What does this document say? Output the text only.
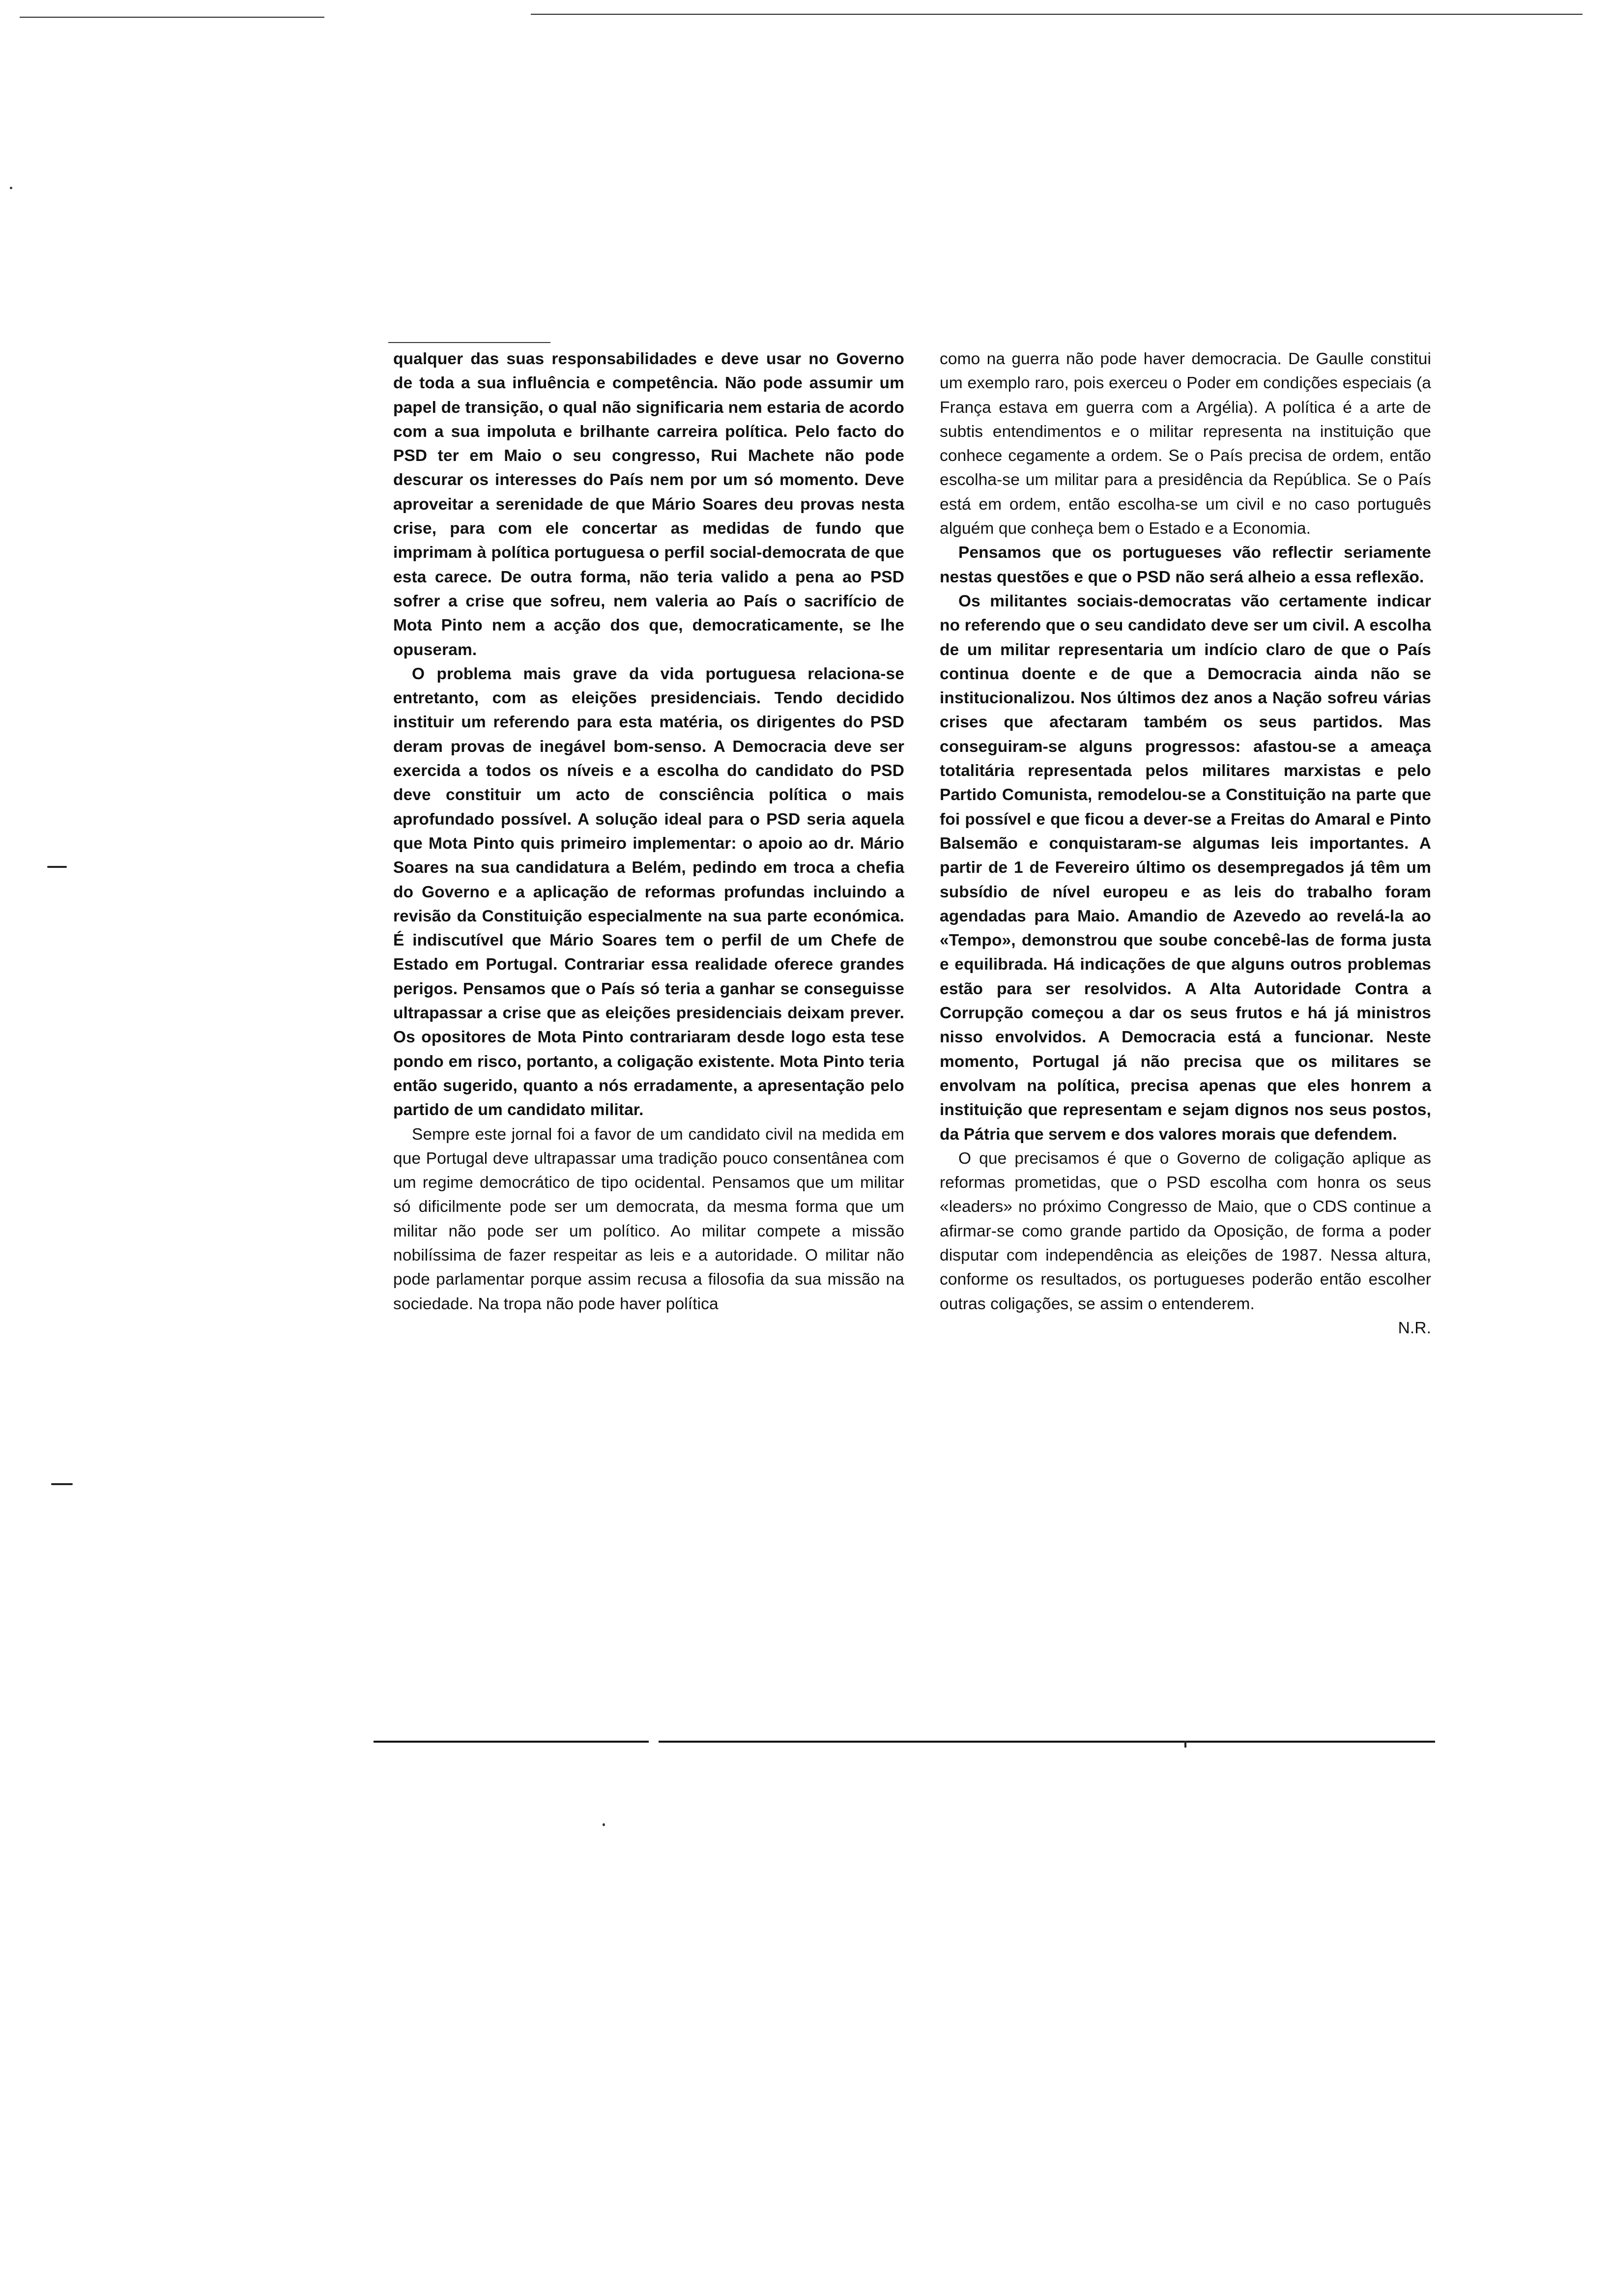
qualquer das suas responsabilidades e deve usar no Governo de toda a sua influência e competência. Não pode assumir um papel de transição, o qual não significaria nem estaria de acordo com a sua impoluta e brilhante carreira política. Pelo facto do PSD ter em Maio o seu congresso, Rui Machete não pode descurar os interesses do País nem por um só momento. Deve aproveitar a serenidade de que Mário Soares deu provas nesta crise, para com ele concertar as medidas de fundo que imprimam à política portuguesa o perfil social-democrata de que esta carece. De outra forma, não teria valido a pena ao PSD sofrer a crise que sofreu, nem valeria ao País o sacrifício de Mota Pinto nem a acção dos que, democraticamente, se lhe opuseram.

O problema mais grave da vida portuguesa relaciona-se entretanto, com as eleições presidenciais. Tendo decidido instituir um referendo para esta matéria, os dirigentes do PSD deram provas de inegável bom-senso. A Democracia deve ser exercida a todos os níveis e a escolha do candidato do PSD deve constituir um acto de consciência política o mais aprofundado possível. A solução ideal para o PSD seria aquela que Mota Pinto quis primeiro implementar: o apoio ao dr. Mário Soares na sua candidatura a Belém, pedindo em troca a chefia do Governo e a aplicação de reformas profundas incluindo a revisão da Constituição especialmente na sua parte económica. É indiscutível que Mário Soares tem o perfil de um Chefe de Estado em Portugal. Contrariar essa realidade oferece grandes perigos. Pensamos que o País só teria a ganhar se conseguisse ultrapassar a crise que as eleições presidenciais deixam prever. Os opositores de Mota Pinto contrariaram desde logo esta tese pondo em risco, portanto, a coligação existente. Mota Pinto teria então sugerido, quanto a nós erradamente, a apresentação pelo partido de um candidato militar.

Sempre este jornal foi a favor de um candidato civil na medida em que Portugal deve ultrapassar uma tradição pouco consentânea com um regime democrático de tipo ocidental. Pensamos que um militar só dificilmente pode ser um democrata, da mesma forma que um militar não pode ser um político. Ao militar compete a missão nobilíssima de fazer respeitar as leis e a autoridade. O militar não pode parlamentar porque assim recusa a filosofia da sua missão na sociedade. Na tropa não pode haver política

como na guerra não pode haver democracia. De Gaulle constitui um exemplo raro, pois exerceu o Poder em condições especiais (a França estava em guerra com a Argélia). A política é a arte de subtis entendimentos e o militar representa na instituição que conhece cegamente a ordem. Se o País precisa de ordem, então escolha-se um militar para a presidência da República. Se o País está em ordem, então escolha-se um civil e no caso português alguém que conheça bem o Estado e a Economia.

Pensamos que os portugueses vão reflectir seriamente nestas questões e que o PSD não será alheio a essa reflexão.

Os militantes sociais-democratas vão certamente indicar no referendo que o seu candidato deve ser um civil. A escolha de um militar representaria um indício claro de que o País continua doente e de que a Democracia ainda não se institucionalizou. Nos últimos dez anos a Nação sofreu várias crises que afectaram também os seus partidos. Mas conseguiram-se alguns progressos: afastou-se a ameaça totalitária representada pelos militares marxistas e pelo Partido Comunista, remodelou-se a Constituição na parte que foi possível e que ficou a dever-se a Freitas do Amaral e Pinto Balsemão e conquistaram-se algumas leis importantes. A partir de 1 de Fevereiro último os desempregados já têm um subsídio de nível europeu e as leis do trabalho foram agendadas para Maio. Amandio de Azevedo ao revelá-la ao «Tempo», demonstrou que soube concebê-las de forma justa e equilibrada. Há indicações de que alguns outros problemas estão para ser resolvidos. A Alta Autoridade Contra a Corrupção começou a dar os seus frutos e há já ministros nisso envolvidos. A Democracia está a funcionar. Neste momento, Portugal já não precisa que os militares se envolvam na política, precisa apenas que eles honrem a instituição que representam e sejam dignos nos seus postos, da Pátria que servem e dos valores morais que defendem.

O que precisamos é que o Governo de coligação aplique as reformas prometidas, que o PSD escolha com honra os seus «leaders» no próximo Congresso de Maio, que o CDS continue a afirmar-se como grande partido da Oposição, de forma a poder disputar com independência as eleições de 1987. Nessa altura, conforme os resultados, os portugueses poderão então escolher outras coligações, se assim o entenderem.

N.R.
